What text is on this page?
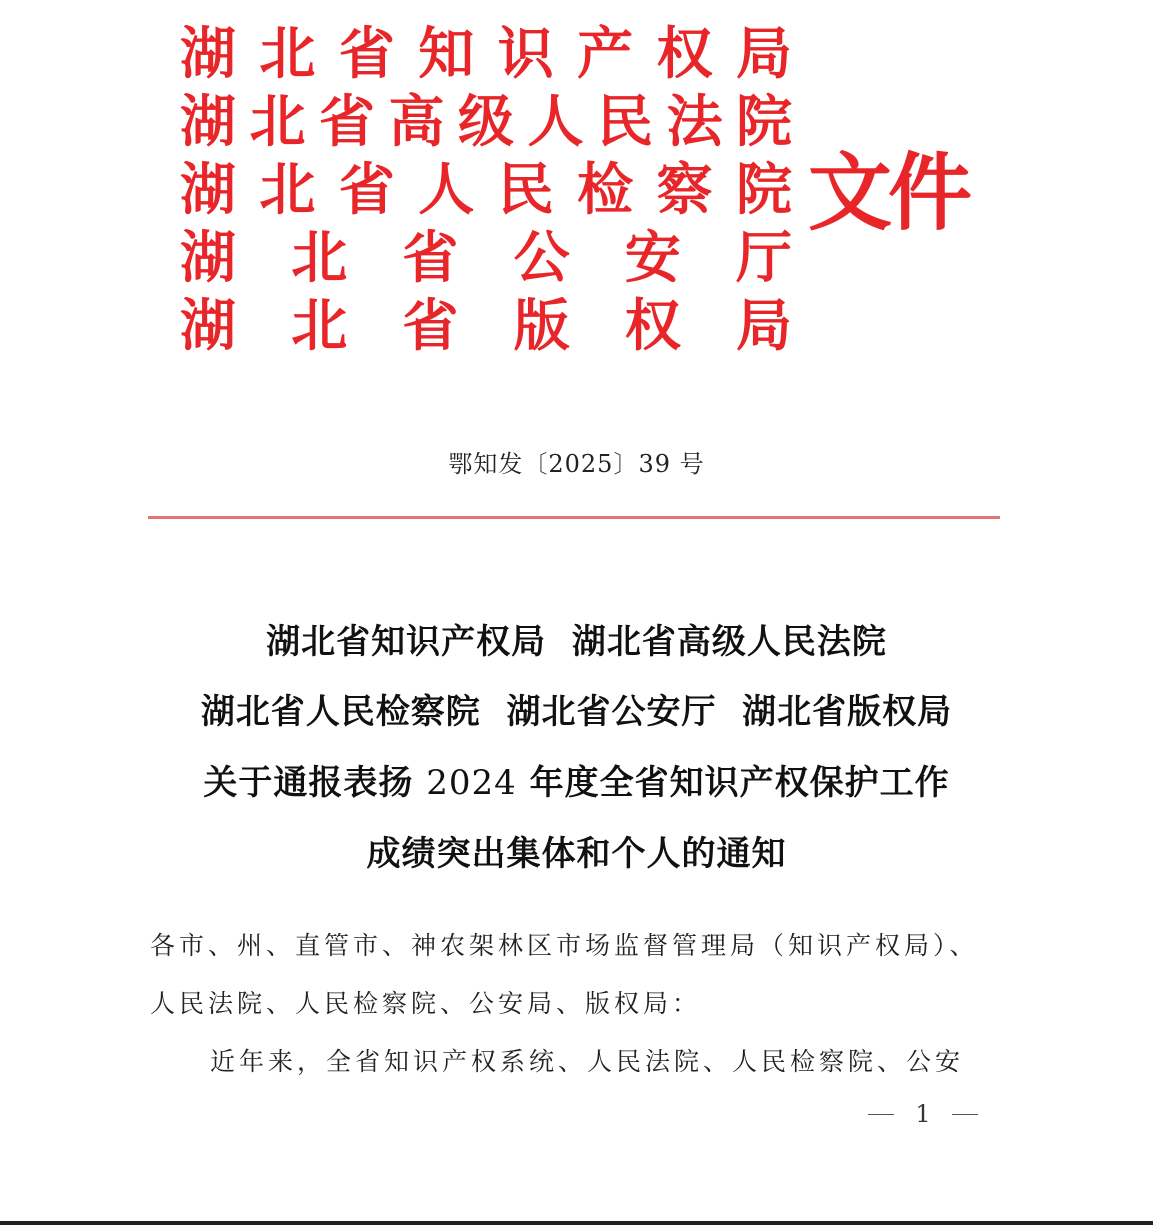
湖 北 省 知 识 产 权 局
湖 北 省 高 级 人 民 法 院
湖 北 省 人 民 检 察 院
湖 北 省 公 安 厅
湖 北 省 版 权 局
文件
鄂知发〔2025〕39 号
湖北省知识产权局  湖北省高级人民法院
湖北省人民检察院  湖北省公安厅  湖北省版权局
关于通报表扬 2024 年度全省知识产权保护工作
成绩突出集体和个人的通知
各市、州、直管市、神农架林区市场监督管理局（知识产权局）、
人民法院、人民检察院、公安局、版权局：
近年来，全省知识产权系统、人民法院、人民检察院、公安
1
